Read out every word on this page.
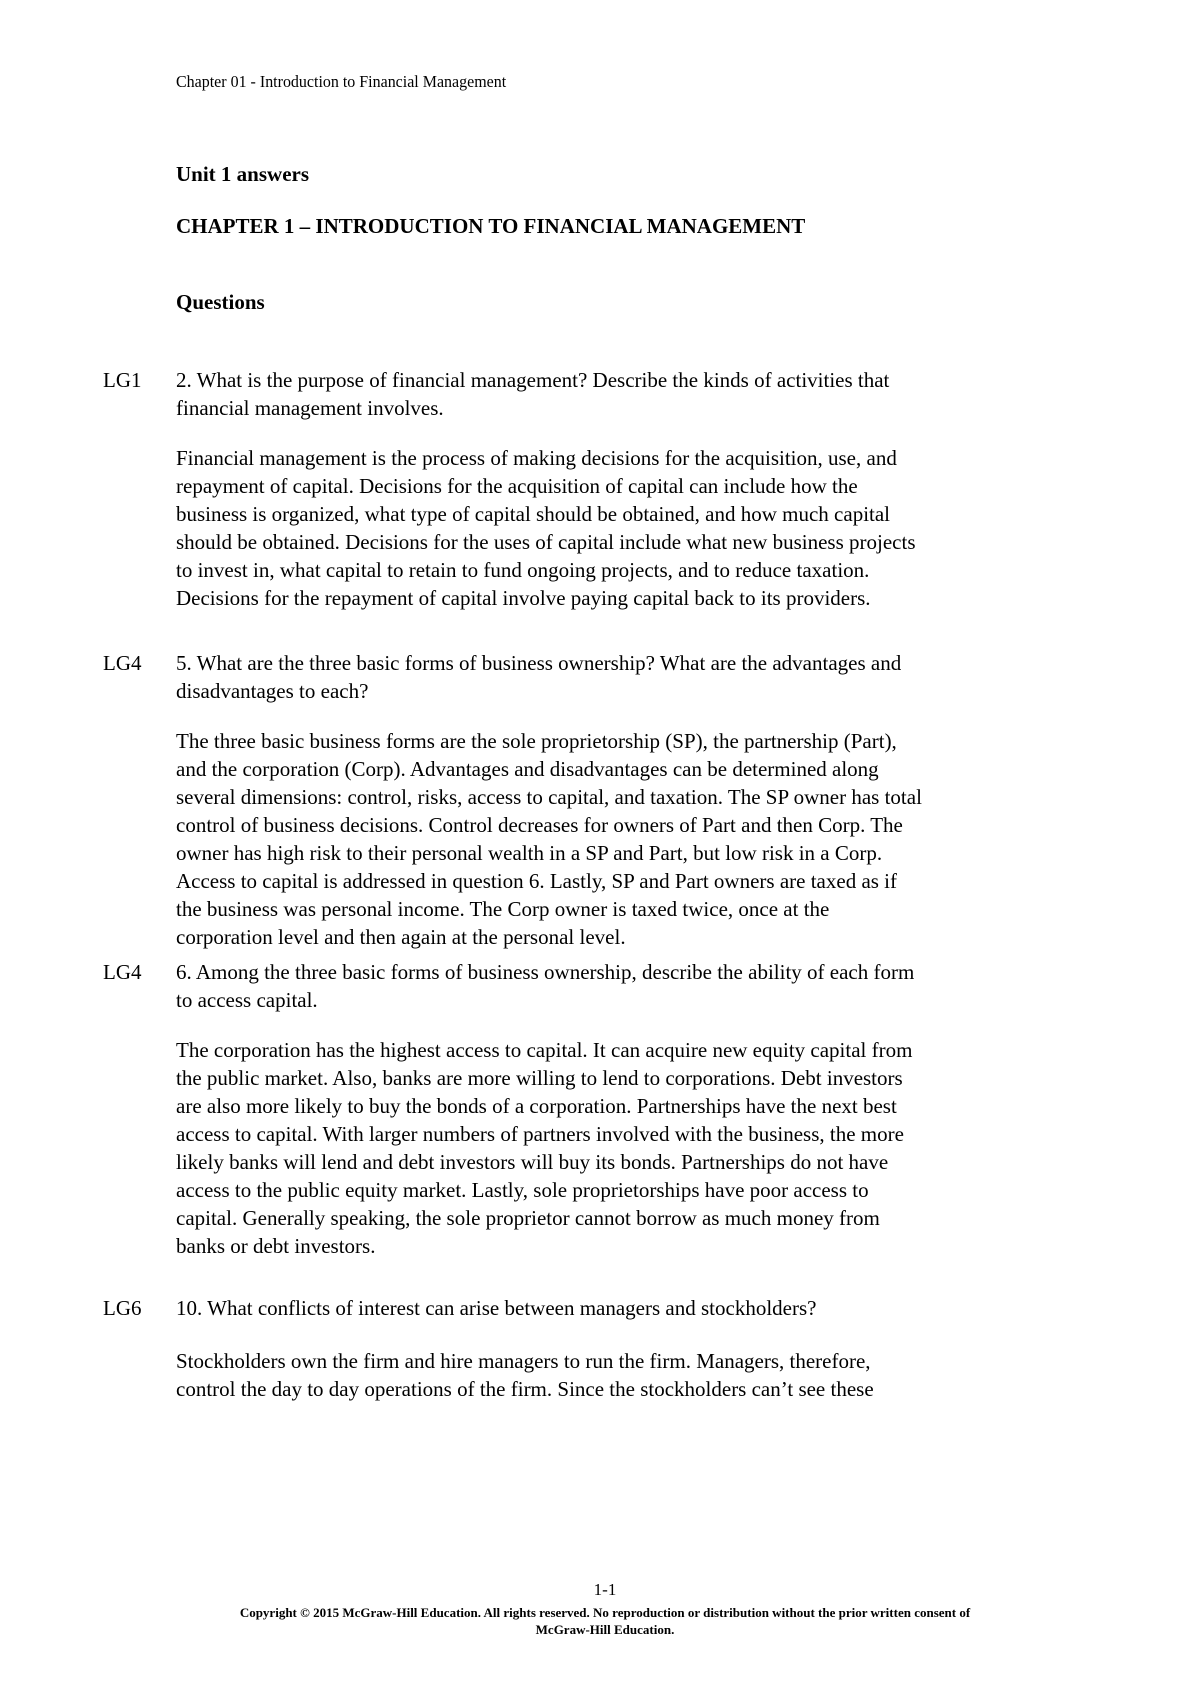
Chapter 01 - Introduction to Financial Management
Unit 1 answers
CHAPTER 1 – INTRODUCTION TO FINANCIAL MANAGEMENT
Questions
LG1 2. What is the purpose of financial management? Describe the kinds of activities that
financial management involves.
Financial management is the process of making decisions for the acquisition, use, and
repayment of capital. Decisions for the acquisition of capital can include how the
business is organized, what type of capital should be obtained, and how much capital
should be obtained. Decisions for the uses of capital include what new business projects
to invest in, what capital to retain to fund ongoing projects, and to reduce taxation.
Decisions for the repayment of capital involve paying capital back to its providers.
LG4 5. What are the three basic forms of business ownership? What are the advantages and
disadvantages to each?
The three basic business forms are the sole proprietorship (SP), the partnership (Part),
and the corporation (Corp). Advantages and disadvantages can be determined along
several dimensions: control, risks, access to capital, and taxation. The SP owner has total
control of business decisions. Control decreases for owners of Part and then Corp. The
owner has high risk to their personal wealth in a SP and Part, but low risk in a Corp.
Access to capital is addressed in question 6. Lastly, SP and Part owners are taxed as if
the business was personal income. The Corp owner is taxed twice, once at the
corporation level and then again at the personal level.
LG4 6. Among the three basic forms of business ownership, describe the ability of each form
to access capital.
The corporation has the highest access to capital. It can acquire new equity capital from
the public market. Also, banks are more willing to lend to corporations. Debt investors
are also more likely to buy the bonds of a corporation. Partnerships have the next best
access to capital. With larger numbers of partners involved with the business, the more
likely banks will lend and debt investors will buy its bonds. Partnerships do not have
access to the public equity market. Lastly, sole proprietorships have poor access to
capital. Generally speaking, the sole proprietor cannot borrow as much money from
banks or debt investors.
LG6 10. What conflicts of interest can arise between managers and stockholders?
Stockholders own the firm and hire managers to run the firm. Managers, therefore,
control the day to day operations of the firm. Since the stockholders can’t see these
1-1
Copyright © 2015 McGraw-Hill Education. All rights reserved. No reproduction or distribution without the prior written consent of
McGraw-Hill Education.
